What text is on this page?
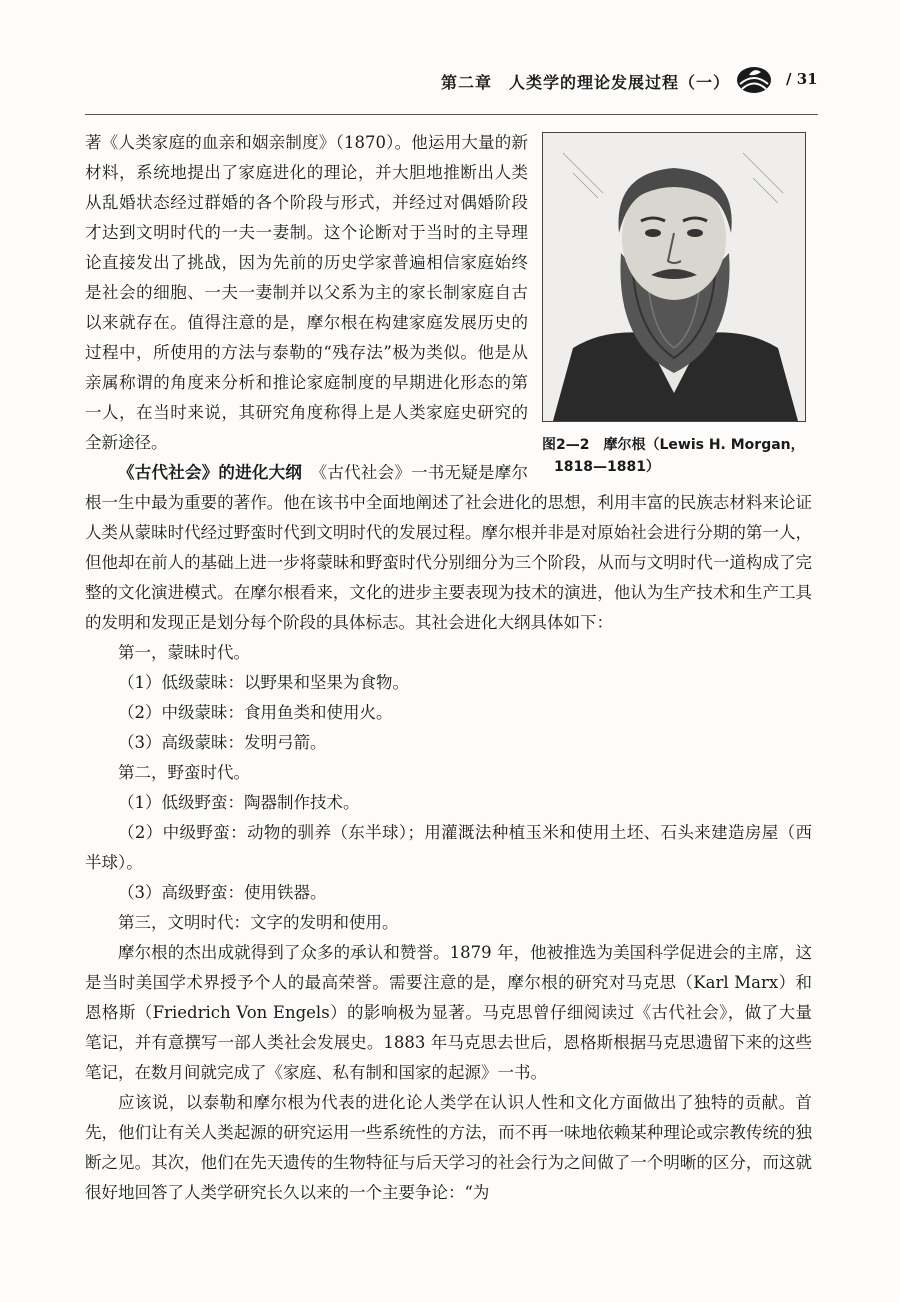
第二章　人类学的理论发展过程（一）	/ 31
图2—2　摩尔根（Lewis H. Morgan，
1818—1881）

著《人类家庭的血亲和姻亲制度》（1870）。他运用大量的新材料，系统地提出了家庭进化的理论，并大胆地推断出人类从乱婚状态经过群婚的各个阶段与形式，并经过对偶婚阶段才达到文明时代的一夫一妻制。这个论断对于当时的主导理论直接发出了挑战，因为先前的历史学家普遍相信家庭始终是社会的细胞、一夫一妻制并以父系为主的家长制家庭自古以来就存在。值得注意的是，摩尔根在构建家庭发展历史的过程中，所使用的方法与泰勒的“残存法”极为类似。他是从亲属称谓的角度来分析和推论家庭制度的早期进化形态的第一人，在当时来说，其研究角度称得上是人类家庭史研究的全新途径。

《古代社会》的进化大纲　《古代社会》一书无疑是摩尔根一生中最为重要的著作。他在该书中全面地阐述了社会进化的思想，利用丰富的民族志材料来论证人类从蒙昧时代经过野蛮时代到文明时代的发展过程。摩尔根并非是对原始社会进行分期的第一人，但他却在前人的基础上进一步将蒙昧和野蛮时代分别细分为三个阶段，从而与文明时代一道构成了完整的文化演进模式。在摩尔根看来，文化的进步主要表现为技术的演进，他认为生产技术和生产工具的发明和发现正是划分每个阶段的具体标志。其社会进化大纲具体如下：

第一，蒙昧时代。

（1）低级蒙昧：以野果和坚果为食物。

（2）中级蒙昧：食用鱼类和使用火。

（3）高级蒙昧：发明弓箭。

第二，野蛮时代。

（1）低级野蛮：陶器制作技术。

（2）中级野蛮：动物的驯养（东半球）；用灌溉法种植玉米和使用土坯、石头来建造房屋（西半球）。

（3）高级野蛮：使用铁器。

第三，文明时代：文字的发明和使用。

摩尔根的杰出成就得到了众多的承认和赞誉。1879 年，他被推选为美国科学促进会的主席，这是当时美国学术界授予个人的最高荣誉。需要注意的是，摩尔根的研究对马克思（Karl Marx）和恩格斯（Friedrich Von Engels）的影响极为显著。马克思曾仔细阅读过《古代社会》，做了大量笔记，并有意撰写一部人类社会发展史。1883 年马克思去世后，恩格斯根据马克思遗留下来的这些笔记，在数月间就完成了《家庭、私有制和国家的起源》一书。

应该说，以泰勒和摩尔根为代表的进化论人类学在认识人性和文化方面做出了独特的贡献。首先，他们让有关人类起源的研究运用一些系统性的方法，而不再一味地依赖某种理论或宗教传统的独断之见。其次，他们在先天遗传的生物特征与后天学习的社会行为之间做了一个明晰的区分，而这就很好地回答了人类学研究长久以来的一个主要争论：“为
